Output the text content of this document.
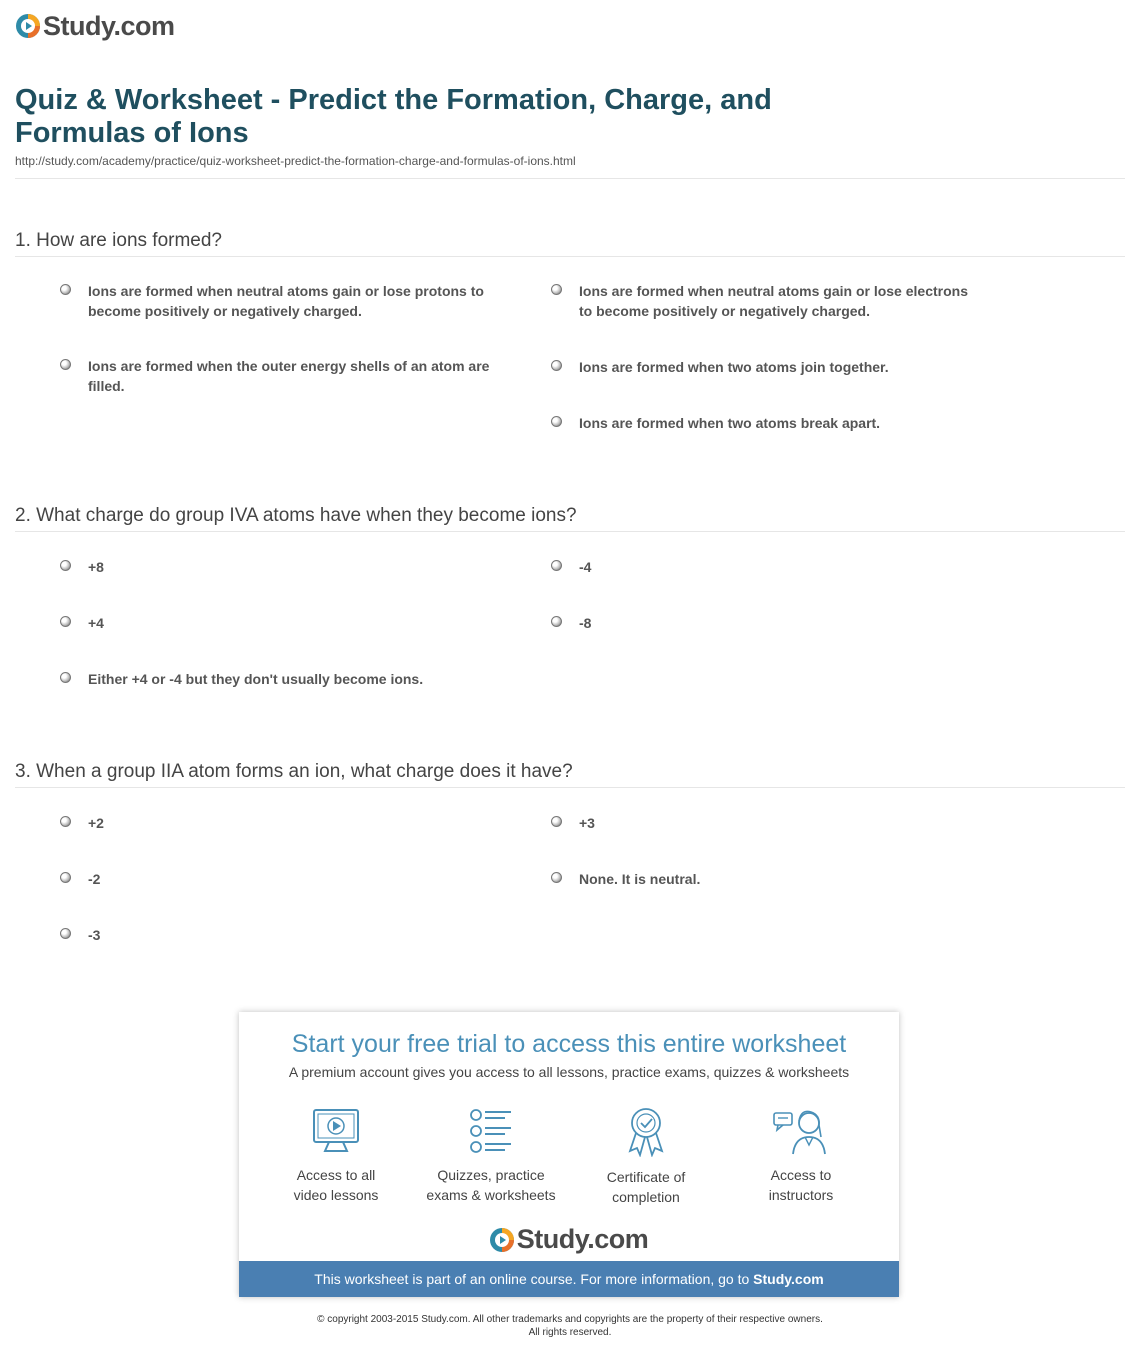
Study.com
Quiz & Worksheet - Predict the Formation, Charge, and Formulas of Ions
http://study.com/academy/practice/quiz-worksheet-predict-the-formation-charge-and-formulas-of-ions.html
1. How are ions formed?
Ions are formed when neutral atoms gain or lose protons to become positively or negatively charged.
Ions are formed when neutral atoms gain or lose electrons to become positively or negatively charged.
Ions are formed when the outer energy shells of an atom are filled.
Ions are formed when two atoms join together.
Ions are formed when two atoms break apart.
2. What charge do group IVA atoms have when they become ions?
+8	-4
+4	-8
Either +4 or -4 but they don't usually become ions.
3. When a group IIA atom forms an ion, what charge does it have?
+2	+3
-2	None. It is neutral.
-3
Start your free trial to access this entire worksheet
A premium account gives you access to all lessons, practice exams, quizzes & worksheets
Access to all
video lessons
Quizzes, practice
exams & worksheets
Certificate of
completion
Access to
instructors
Study.com
This worksheet is part of an online course. For more information, go to Study.com
© copyright 2003-2015 Study.com. All other trademarks and copyrights are the property of their respective owners.
All rights reserved.
